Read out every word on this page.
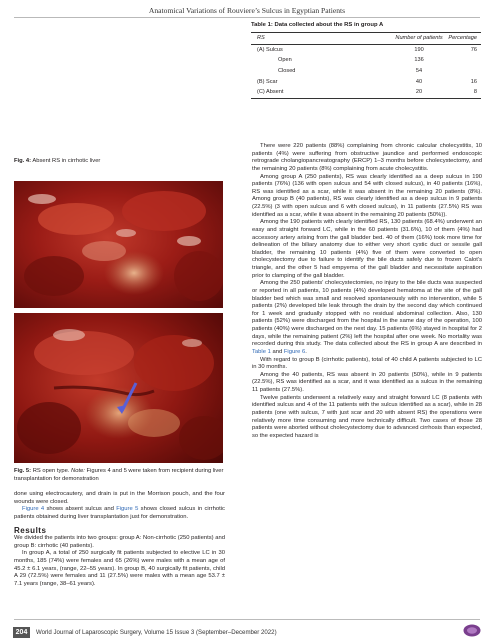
Anatomical Variations of Rouviere’s Sulcus in Egyptian Patients
Table 1: Data collected about the RS in group A
RS	Number of patients	Percentage
(A) Sulcus	190	76
Open	136	
Closed	54	
(B) Scar	40	16
(C) Absent	20	8
Fig. 4: Absent RS in cirrhotic liver
Fig. 5: RS open type. Note: Figures 4 and 5 were taken from recipient during liver transplantation for demonstration

done using electrocautery, and drain is put in the Morrison pouch, and the four wounds were closed.

Figure 4 shows absent sulcus and Figure 5 shows closed sulcus in cirrhotic patients obtained during liver transplantation just for demonstration.

Results

We divided the patients into two groups: group A: Non-cirrhotic (250 patients) and group B: cirrhotic (40 patients).

In group A, a total of 250 surgically fit patients subjected to elective LC in 30 months, 185 (74%) were females and 65 (26%) were males with a mean age of 45.2 ± 6.1 years, (range, 22–55 years). In group B, 40 surgically fit patients, child A 29 (72.5%) were females and 11 (27.5%) were males with a mean age 53.7 ± 7.1 years (range, 38–61 years).

There were 220 patients (88%) complaining from chronic calcular cholecystitis, 10 patients (4%) were suffering from obstructive jaundice and performed endoscopic retrograde cholangiopancreatography (ERCP) 1–3 months before cholecystectomy, and the remaining 20 patients (8%) complaining from acute cholecystitis.

Among group A (250 patients), RS was clearly identified as a deep sulcus in 190 patients (76%) (136 with open sulcus and 54 with closed sulcus), in 40 patients (16%), RS was identified as a scar, while it was absent in the remaining 20 patients (8%). Among group B (40 patients), RS was clearly identified as a deep sulcus in 9 patients (22.5%) (3 with open sulcus and 6 with closed sulcus), in 11 patients (27.5%) RS was identified as a scar, while it was absent in the remaining 20 patients (50%)).

Among the 190 patients with clearly identified RS, 130 patients (68.4%) underwent an easy and straight forward LC, while in the 60 patients (31.6%), 10 of them (4%) had accessory artery arising from the gall bladder bed. 40 of them (16%) took more time for delineation of the biliary anatomy due to either very short cystic duct or sessile gall bladder, the remaining 10 patients (4%) five of them were converted to open cholecystectomy due to failure to identify the bile ducts safely due to frozen Calot’s triangle, and the other 5 had empyema of the gall bladder and necessitate aspiration prior to clamping of the gall bladder.

Among the 250 patients’ cholecystectomies, no injury to the bile ducts was suspected or reported in all patients, 10 patients (4%) developed hematoma at the site of the gall bladder bed which was small and resolved spontaneously with no intervention, while 5 patients (2%) developed bile leak through the drain by the second day which continued for 1 week and gradually stopped with no residual abdominal collection. Also, 130 patients (52%) were discharged from the hospital in the same day of the operation, 100 patients (40%) were discharged on the next day. 15 patients (6%) stayed in hospital for 2 days, while the remaining patient (2%) left the hospital after one week. No mortality was recorded during this study. The data collected about the RS in group A are described in Table 1 and Figure 6.

With regard to group B (cirrhotic patients), total of 40 child A patients subjected to LC in 30 months.

Among the 40 patients, RS was absent in 20 patients (50%), while in 9 patients (22.5%), RS was identified as a scar, and it was identified as a sulcus in the remaining 11 patients (27.5%).

Twelve patients underwent a relatively easy and straight forward LC (8 patients with identified sulcus and 4 of the 11 patients with the sulcus identified as a scar), while in 28 patients (one with sulcus, 7 with just scar and 20 with absent RS) the operations were relatively more time consuming and more technically difficult. Two cases of those 28 patients were aborted without cholecystectomy due to advanced cirrhosis than expected, so the expected hazard is

204	World Journal of Laparoscopic Surgery, Volume 15 Issue 3 (September–December 2022)
